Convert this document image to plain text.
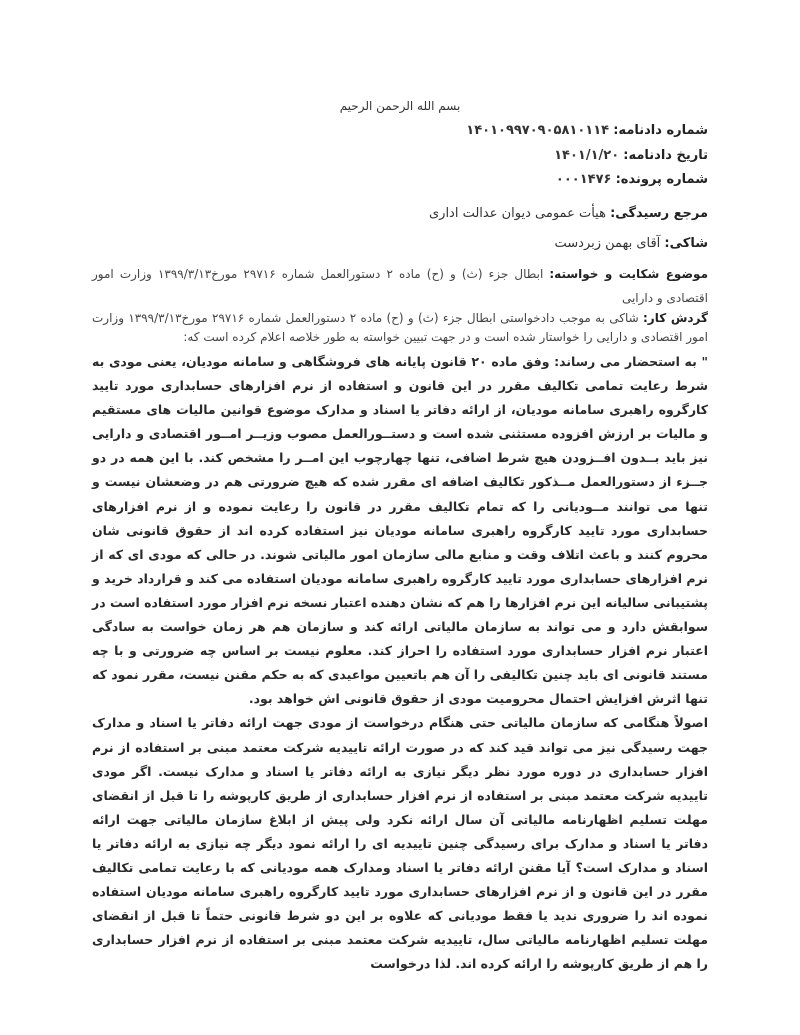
بسم الله الرحمن الرحیم
شماره دادنامه: ۱۴۰۱۰۹۹۷۰۹۰۵۸۱۰۱۱۴
تاریخ دادنامه: ۱۴۰۱/۱/۲۰
شماره پرونده: ۰۰۰۱۴۷۶
مرجع رسیدگی: هیأت عمومی دیوان عدالت اداری
شاکی: آقای بهمن زبردست
موضوع شکایت و خواسته: ابطال جزء (ث) و (ح) ماده ۲ دستورالعمل شماره ۲۹۷۱۶ مورخ۱۳۹۹/۳/۱۳ وزارت امور اقتصادی و دارایی
گردش کار: شاکی به موجب دادخواستی ابطال جزء (ث) و (ح) ماده ۲ دستورالعمل شماره ۲۹۷۱۶ مورخ۱۳۹۹/۳/۱۳ وزارت امور اقتصادی و دارایی را خواستار شده است و در جهت تبیین خواسته به طور خلاصه اعلام کرده است که:

" به استحضار می رساند: وفق ماده ۲۰ قانون پایانه های فروشگاهی و سامانه مودیان، یعنی مودی به شرط رعایت تمامی تکالیف مقرر در این قانون و استفاده از نرم افزارهای حسابداری مورد تایید کارگروه راهبری سامانه مودیان، از ارائه دفاتر یا اسناد و مدارک موضوع قوانین مالیات های مستقیم و مالیات بر ارزش افزوده مستثنی شده است و دستــورالعمل مصوب وزیــر امــور اقتصادی و دارایی نیز باید بــدون افــزودن هیچ شرط اضافی، تنها چهارچوب این امــر را مشخص کند. با این همه در دو جــزء از دستورالعمل مــذکور تکالیف اضافه ای مقرر شده که هیچ ضرورتی هم در وضعشان نیست و تنها می توانند مــودیانی را که تمام تکالیف مقرر در قانون را رعایت نموده و از نرم افزارهای حسابداری مورد تایید کارگروه راهبری سامانه مودیان نیز استفاده کرده اند از حقوق قانونی شان محروم کنند و باعث اتلاف وقت و منابع مالی سازمان امور مالیاتی شوند. در حالی که مودی ای که از نرم افزارهای حسابداری مورد تایید کارگروه راهبری سامانه مودیان استفاده می کند و قرارداد خرید و پشتیبانی سالیانه این نرم افزارها را هم که نشان دهنده اعتبار نسخه نرم افزار مورد استفاده است در سوابقش دارد و می تواند به سازمان مالیاتی ارائه کند و سازمان هم هر زمان خواست به سادگی اعتبار نرم افزار حسابداری مورد استفاده را احراز کند. معلوم نیست بر اساس چه ضرورتی و با چه مستند قانونی ای باید چنین تکالیفی را آن هم باتعیین مواعیدی که به حکم مقنن نیست، مقرر نمود که تنها اثرش افزایش احتمال محرومیت مودی از حقوق قانونی اش خواهد بود.

اصولاً هنگامی که سازمان مالیاتی حتی هنگام درخواست از مودی جهت ارائه دفاتر یا اسناد و مدارک جهت رسیدگی نیز می تواند قید کند که در صورت ارائه تاییدیه شرکت معتمد مبنی بر استفاده از نرم افزار حسابداری در دوره مورد نظر دیگر نیازی به ارائه دفاتر یا اسناد و مدارک نیست. اگر مودی تاییدیه شرکت معتمد مبنی بر استفاده از نرم افزار حسابداری از طریق کارپوشه را تا قبل از انقضای مهلت تسلیم اظهارنامه مالیاتی آن سال ارائه نکرد ولی پیش از ابلاغ سازمان مالیاتی جهت ارائه دفاتر یا اسناد و مدارک برای رسیدگی چنین تاییدیه ای را ارائه نمود دیگر چه نیازی به ارائه دفاتر یا اسناد و مدارک است؟ آیا مقنن ارائه دفاتر یا اسناد ومدارک همه مودیانی که با رعایت تمامی تکالیف مقرر در این قانون و از نرم افزارهای حسابداری مورد تایید کارگروه راهبری سامانه مودیان استفاده نموده اند را ضروری ندید یا فقط مودیانی که علاوه بر این دو شرط قانونی حتماً تا قبل از انقضای مهلت تسلیم اظهارنامه مالیاتی سال، تاییدیه شرکت معتمد مبنی بر استفاده از نرم افزار حسابداری را هم از طریق کارپوشه را ارائه کرده اند. لذا درخواست
